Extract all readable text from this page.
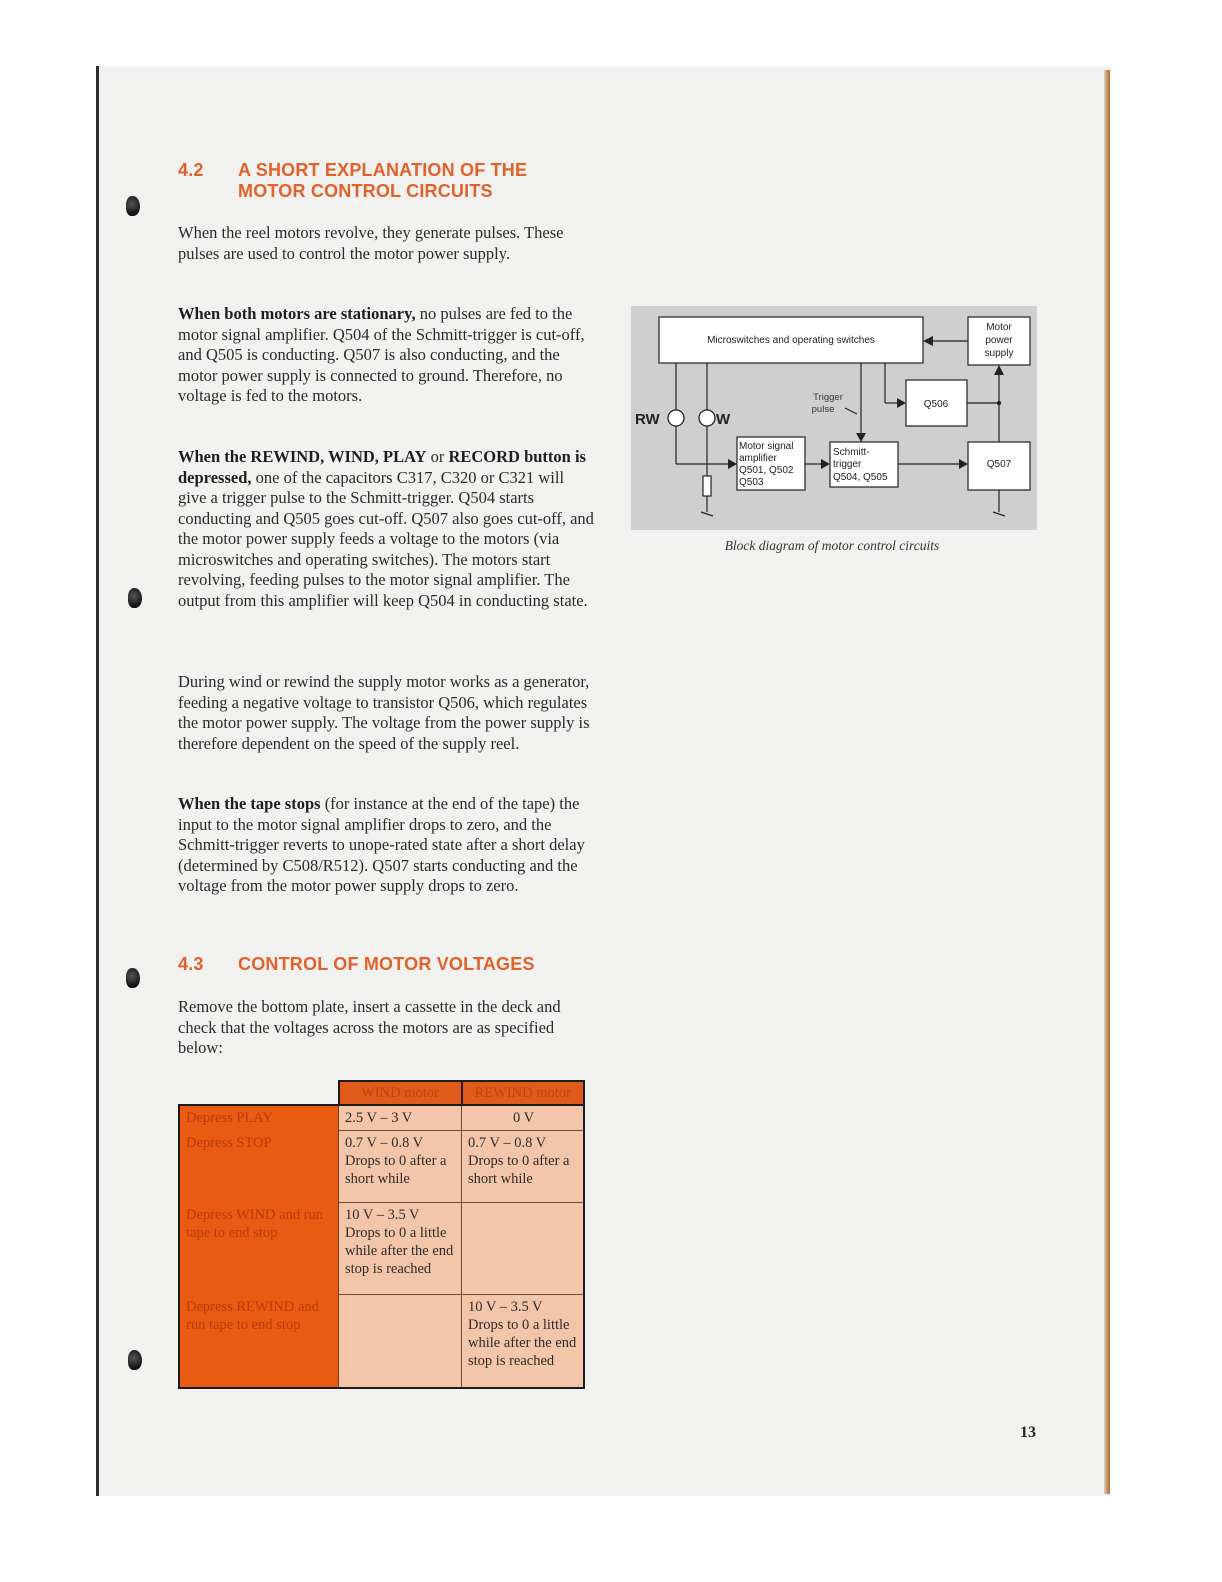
4.2 A SHORT EXPLANATION OF THE
MOTOR CONTROL CIRCUITS

When the reel motors revolve, they generate pulses. These pulses are used to control the motor power supply.

When both motors are stationary, no pulses are fed to the motor signal amplifier. Q504 of the Schmitt-trigger is cut-off, and Q505 is conducting. Q507 is also conducting, and the motor power supply is connected to ground. Therefore, no voltage is fed to the motors.

When the REWIND, WIND, PLAY or RECORD button is depressed, one of the capacitors C317, C320 or C321 will give a trigger pulse to the Schmitt-trigger. Q504 starts conducting and Q505 goes cut-off. Q507 also goes cut-off, and the motor power supply feeds a voltage to the motors (via microswitches and operating switches). The motors start revolving, feeding pulses to the motor signal amplifier. The output from this amplifier will keep Q504 in conducting state.

During wind or rewind the supply motor works as a generator, feeding a negative voltage to transistor Q506, which regulates the motor power supply. The voltage from the power supply is therefore dependent on the speed of the supply reel.

When the tape stops (for instance at the end of the tape) the input to the motor signal amplifier drops to zero, and the Schmitt-trigger reverts to unope-rated state after a short delay (determined by C508/R512). Q507 starts conducting and the voltage from the motor power supply drops to zero.

4.3 CONTROL OF MOTOR VOLTAGES

Remove the bottom plate, insert a cassette in the deck and check that the voltages across the motors are as specified below:

Microswitches and operating switches
Motor
power
supply
Q506
Q507
Motor signal
amplifier
Q501, Q502
Q503
Schmitt-
trigger
Q504, Q505
RW	W
Trigger
pulse
Block diagram of motor control circuits
	WIND motor	REWIND motor
Depress PLAY	2.5 V – 3 V	0 V
Depress STOP	0.7 V – 0.8 V Drops to 0 after a short while	0.7 V – 0.8 V Drops to 0 after a short while
Depress WIND and run tape to end stop	10 V – 3.5 V Drops to 0 a little while after the end stop is reached	
Depress REWIND and run tape to end stop		10 V – 3.5 V Drops to 0 a little while after the end stop is reached
13
